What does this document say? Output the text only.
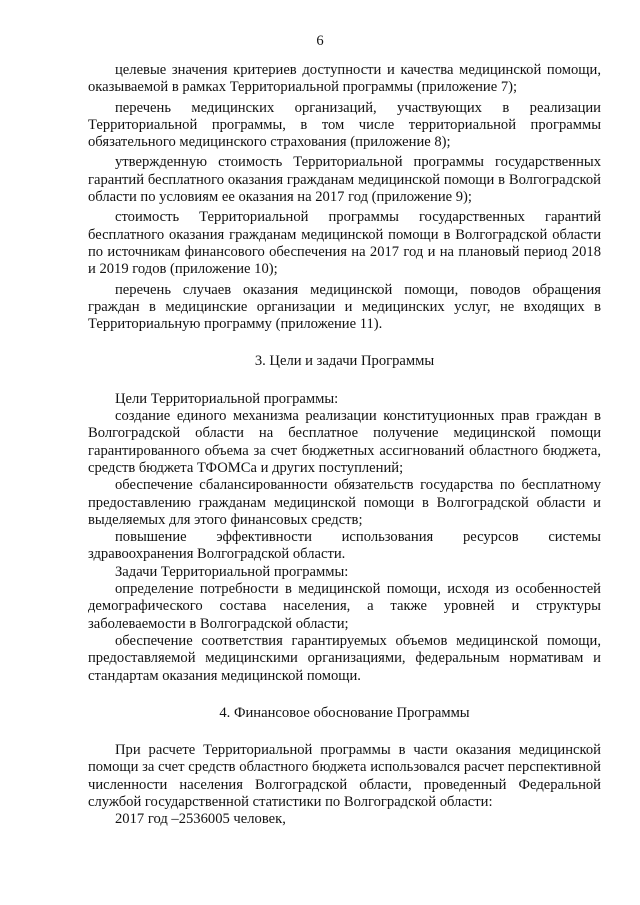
6

целевые значения критериев доступности и качества медицинской помощи, оказываемой в рамках Территориальной программы (приложение 7);

перечень медицинских организаций, участвующих в реализации Территориальной программы, в том числе территориальной программы обязательного медицинского страхования (приложение 8);

утвержденную стоимость Территориальной программы государственных гарантий бесплатного оказания гражданам медицинской помощи в Волгоградской области по условиям ее оказания на 2017 год (приложение 9);

стоимость Территориальной программы государственных гарантий бесплатного оказания гражданам медицинской помощи в Волгоградской области по источникам финансового обеспечения на 2017 год и на плановый период 2018 и 2019 годов (приложение 10);

перечень случаев оказания медицинской помощи, поводов обращения граждан в медицинские организации и медицинских услуг, не входящих в Территориальную программу (приложение 11).

3. Цели и задачи Программы

Цели Территориальной программы:

создание единого механизма реализации конституционных прав граждан в Волгоградской области на бесплатное получение медицинской помощи гарантированного объема за счет бюджетных ассигнований областного бюджета, средств бюджета ТФОМСа и других поступлений;

обеспечение сбалансированности обязательств государства по бесплатному предоставлению гражданам медицинской помощи в Волгоградской области и выделяемых для этого финансовых средств;

повышение эффективности использования ресурсов системы здравоохранения Волгоградской области.

Задачи Территориальной программы:

определение потребности в медицинской помощи, исходя из особенностей демографического состава населения, а также уровней и структуры заболеваемости в Волгоградской области;

обеспечение соответствия гарантируемых объемов медицинской помощи, предоставляемой медицинскими организациями, федеральным нормативам и стандартам оказания медицинской помощи.

4. Финансовое обоснование Программы

При расчете Территориальной программы в части оказания медицинской помощи за счет средств областного бюджета использовался расчет перспективной численности населения Волгоградской области, проведенный Федеральной службой государственной статистики по Волгоградской области:

2017 год –2536005 человек,
